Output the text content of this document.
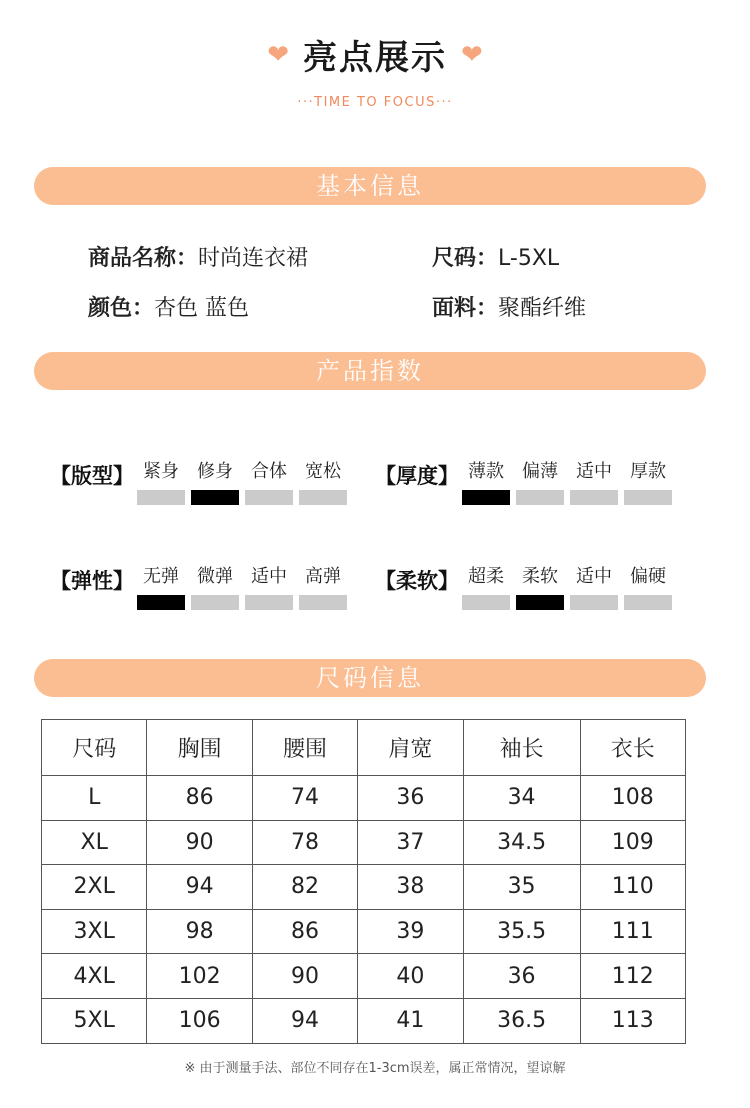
❤ 亮点展示 ❤
···TIME TO FOCUS···
基本信息
商品名称：时尚连衣裙	尺码：L-5XL
颜色：杏色 蓝色	面料：聚酯纤维
产品指数
【版型】 紧身 修身 合体 宽松 【厚度】 薄款 偏薄 适中 厚款
【弹性】 无弹 微弹 适中 高弹 【柔软】 超柔 柔软 适中 偏硬
尺码信息
尺码	胸围	腰围	肩宽	袖长	衣长
L	86	74	36	34	108
XL	90	78	37	34.5	109
2XL	94	82	38	35	110
3XL	98	86	39	35.5	111
4XL	102	90	40	36	112
5XL	106	94	41	36.5	113
※ 由于测量手法、部位不同存在1-3cm误差，属正常情况，望谅解
